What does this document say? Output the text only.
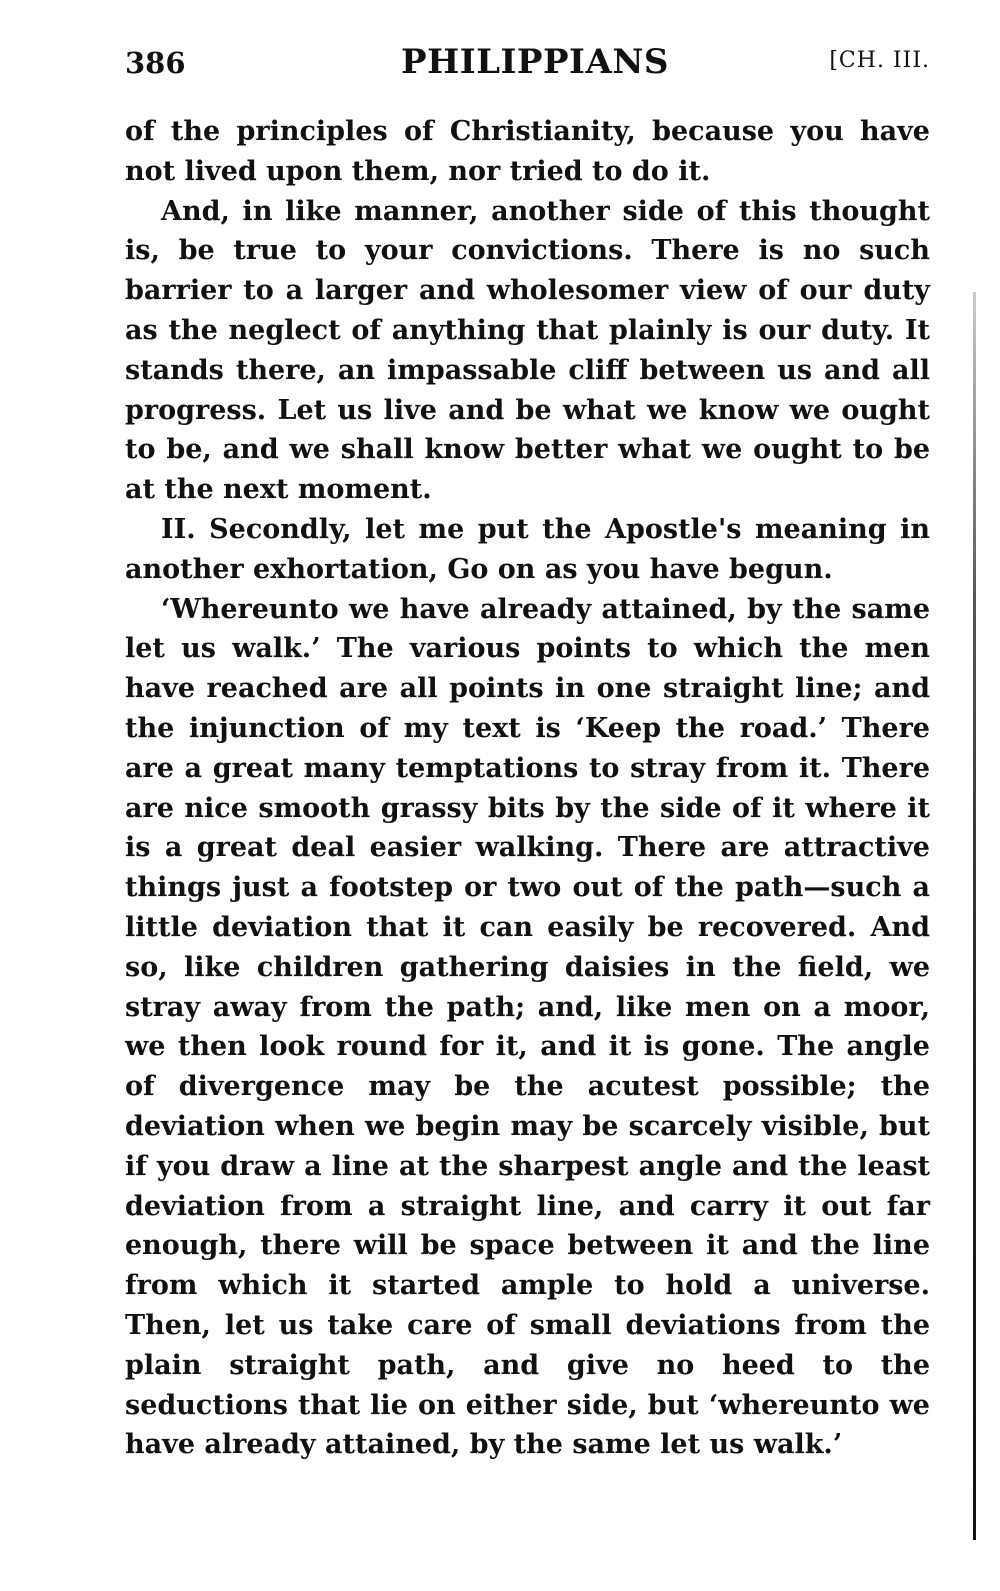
386	PHILIPPIANS	[CH. III.

of the principles of Christianity, because you have not lived upon them, nor tried to do it.

And, in like manner, another side of this thought is, be true to your convictions. There is no such barrier to a larger and wholesomer view of our duty as the neglect of anything that plainly is our duty. It stands there, an impassable cliff between us and all progress. Let us live and be what we know we ought to be, and we shall know better what we ought to be at the next moment.

II. Secondly, let me put the Apostle's meaning in another exhortation, Go on as you have begun.

‘Whereunto we have already attained, by the same let us walk.’ The various points to which the men have reached are all points in one straight line; and the injunction of my text is ‘Keep the road.’ There are a great many temptations to stray from it. There are nice smooth grassy bits by the side of it where it is a great deal easier walking. There are attractive things just a footstep or two out of the path—such a little deviation that it can easily be recovered. And so, like children gathering daisies in the field, we stray away from the path; and, like men on a moor, we then look round for it, and it is gone. The angle of divergence may be the acutest possible; the deviation when we begin may be scarcely visible, but if you draw a line at the sharpest angle and the least deviation from a straight line, and carry it out far enough, there will be space between it and the line from which it started ample to hold a universe. Then, let us take care of small deviations from the plain straight path, and give no heed to the seductions that lie on either side, but ‘whereunto we have already attained, by the same let us walk.’
